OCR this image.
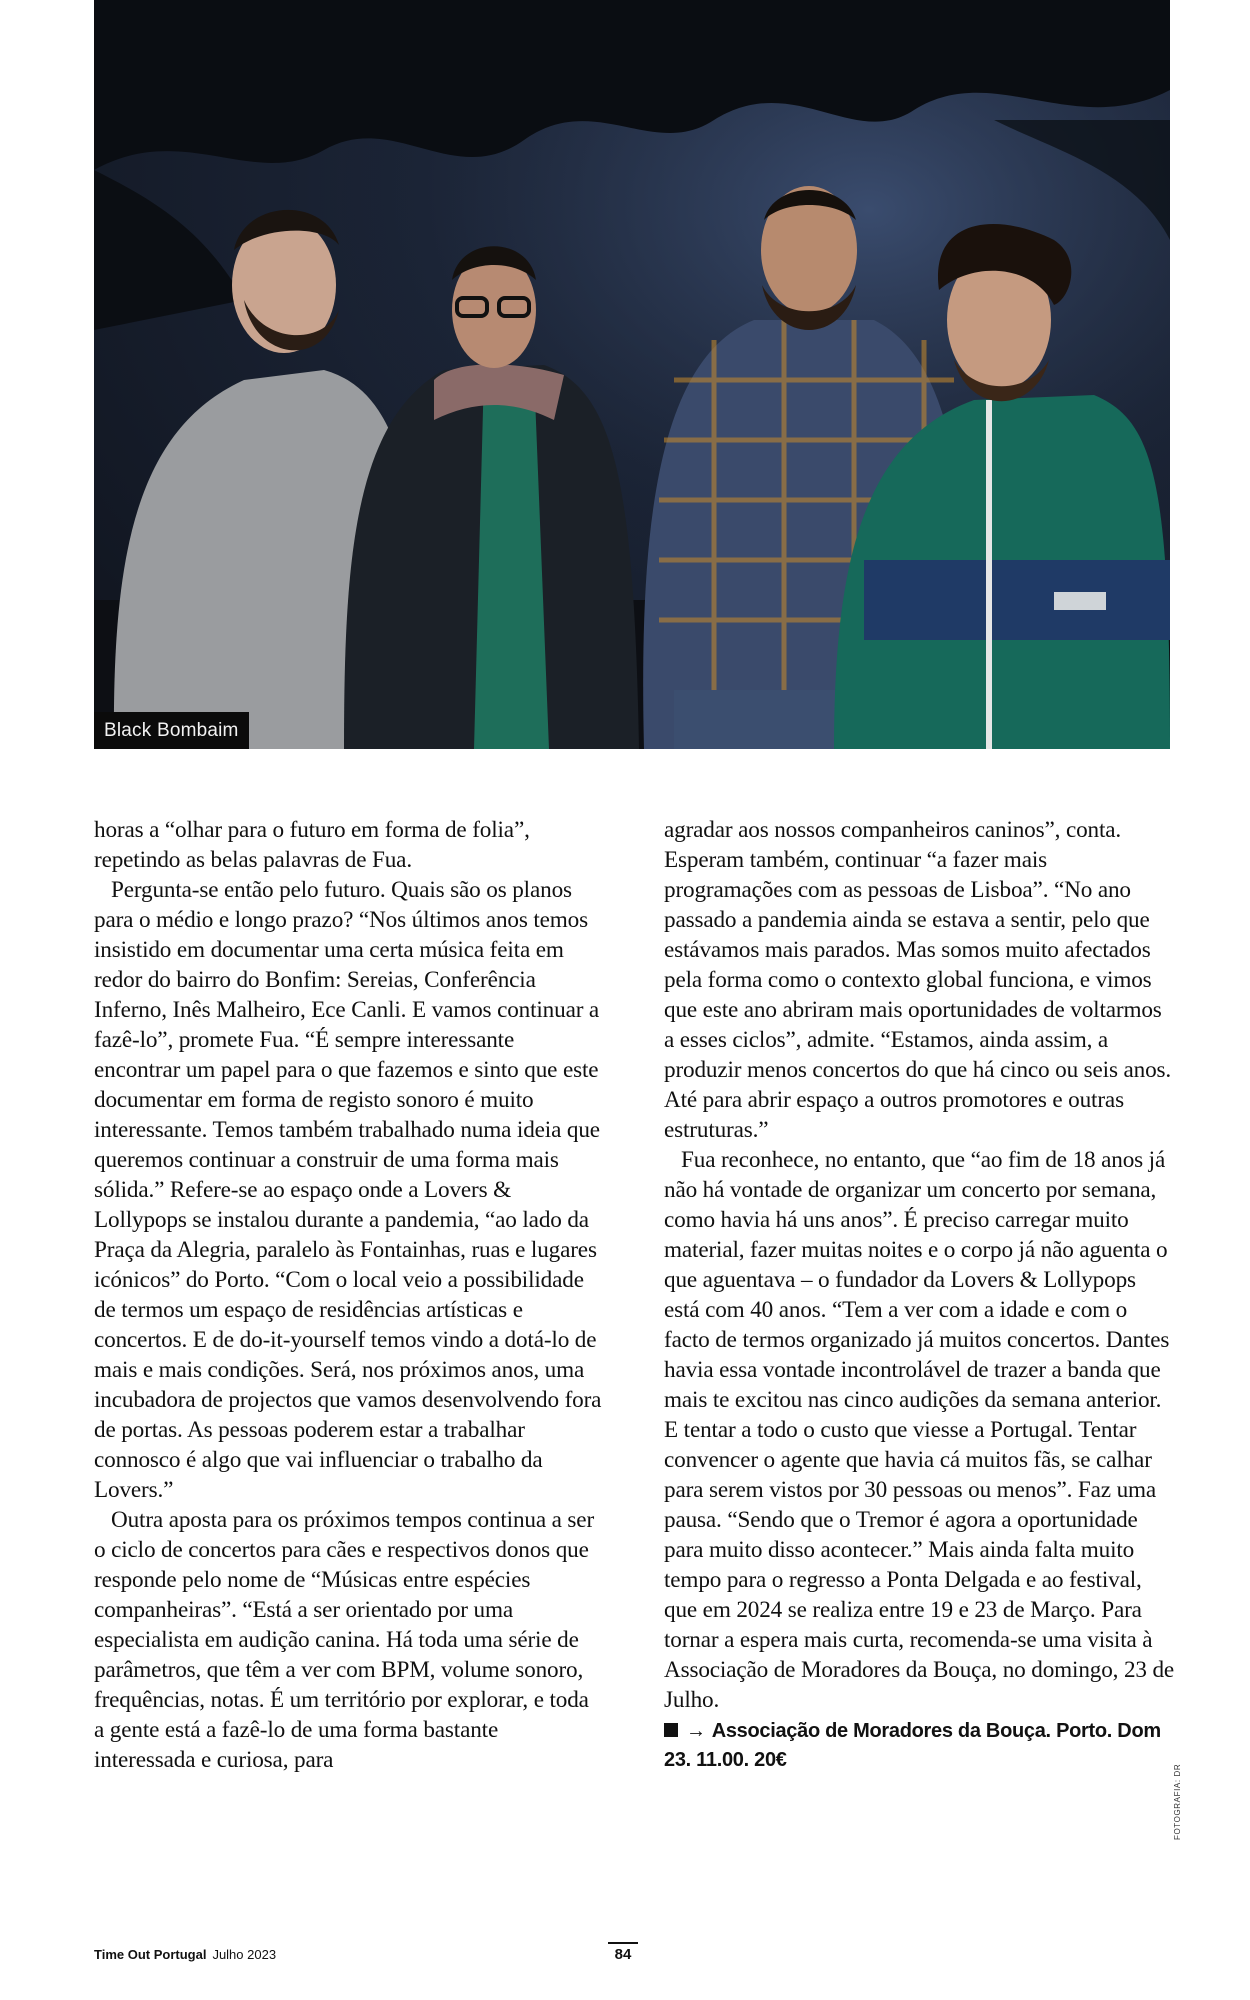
Black Bombaim

horas a “olhar para o futuro em forma de folia”, repetindo as belas palavras de Fua.

Pergunta-se então pelo futuro. Quais são os planos para o médio e longo prazo? “Nos últimos anos temos insistido em documentar uma certa música feita em redor do bairro do Bonfim: Sereias, Conferência Inferno, Inês Malheiro, Ece Canli. E vamos continuar a fazê-lo”, promete Fua. “É sempre interessante encontrar um papel para o que fazemos e sinto que este documentar em forma de registo sonoro é muito interessante. Temos também trabalhado numa ideia que queremos continuar a construir de uma forma mais sólida.” Refere-se ao espaço onde a Lovers & Lollypops se instalou durante a pandemia, “ao lado da Praça da Alegria, paralelo às Fontainhas, ruas e lugares icónicos” do Porto. “Com o local veio a possibilidade de termos um espaço de residências artísticas e concertos. E de do-it-yourself temos vindo a dotá-lo de mais e mais condições. Será, nos próximos anos, uma incubadora de projectos que vamos desenvolvendo fora de portas. As pessoas poderem estar a trabalhar connosco é algo que vai influenciar o trabalho da Lovers.”

Outra aposta para os próximos tempos continua a ser o ciclo de concertos para cães e respectivos donos que responde pelo nome de “Músicas entre espécies companheiras”. “Está a ser orientado por uma especialista em audição canina. Há toda uma série de parâmetros, que têm a ver com BPM, volume sonoro, frequências, notas. É um território por explorar, e toda a gente está a fazê-lo de uma forma bastante interessada e curiosa, para

agradar aos nossos companheiros caninos”, conta. Esperam também, continuar “a fazer mais programações com as pessoas de Lisboa”. “No ano passado a pandemia ainda se estava a sentir, pelo que estávamos mais parados. Mas somos muito afectados pela forma como o contexto global funciona, e vimos que este ano abriram mais oportunidades de voltarmos a esses ciclos”, admite. “Estamos, ainda assim, a produzir menos concertos do que há cinco ou seis anos. Até para abrir espaço a outros promotores e outras estruturas.”

Fua reconhece, no entanto, que “ao fim de 18 anos já não há vontade de organizar um concerto por semana, como havia há uns anos”. É preciso carregar muito material, fazer muitas noites e o corpo já não aguenta o que aguentava – o fundador da Lovers & Lollypops está com 40 anos. “Tem a ver com a idade e com o facto de termos organizado já muitos concertos. Dantes havia essa vontade incontrolável de trazer a banda que mais te excitou nas cinco audições da semana anterior. E tentar a todo o custo que viesse a Portugal. Tentar convencer o agente que havia cá muitos fãs, se calhar para serem vistos por 30 pessoas ou menos”. Faz uma pausa. “Sendo que o Tremor é agora a oportunidade para muito disso acontecer.” Mais ainda falta muito tempo para o regresso a Ponta Delgada e ao festival, que em 2024 se realiza entre 19 e 23 de Março. Para tornar a espera mais curta, recomenda-se uma visita à Associação de Moradores da Bouça, no domingo, 23 de Julho.

→ Associação de Moradores da Bouça. Porto. Dom 23. 11.00. 20€
FOTOGRAFIA: DR
Time Out Portugal Julho 2023	84
